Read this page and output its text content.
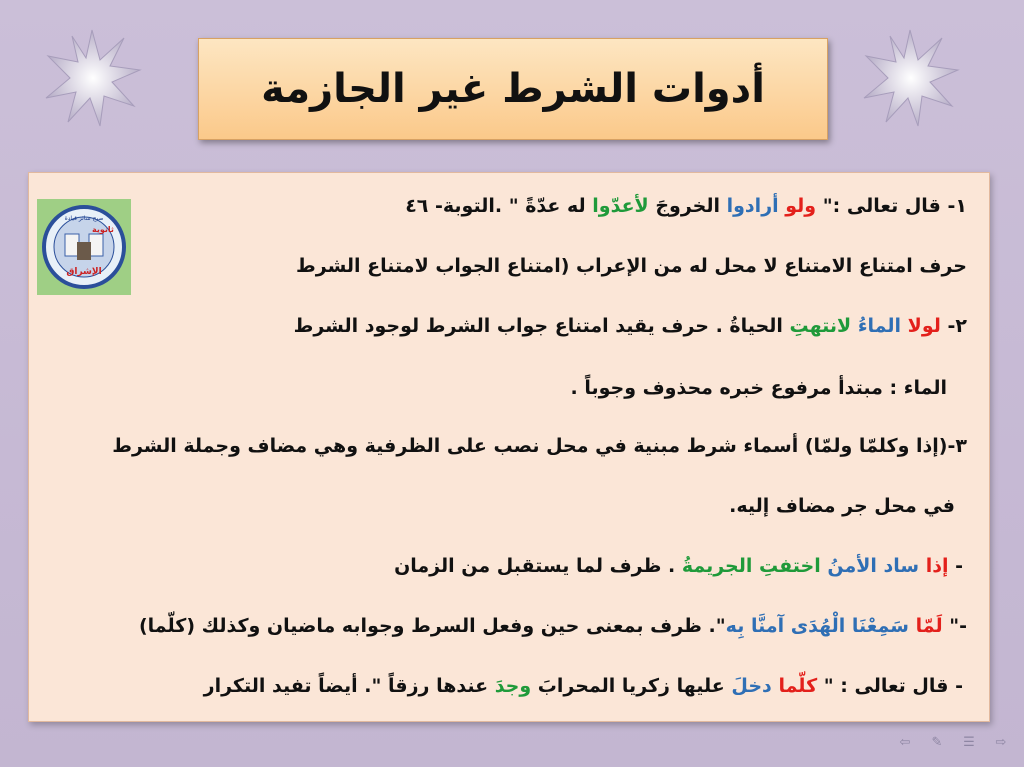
أدوات الشرط غير الجازمة
صيح سائر قيادة
ثانوية
الإشراق
١- قال تعالى :" ولو أرادوا الخروجَ لأعدّوا له عدّةً " .التوبة- ٤٦
حرف امتناع الامتناع لا محل له من الإعراب (امتناع الجواب لامتناع الشرط
٢- لولا الماءُ لانتهتِ الحياةُ . حرف يقيد امتناع جواب الشرط لوجود الشرط
الماء : مبتدأ مرفوع خبره محذوف وجوباً .
٣-(إذا وكلمّا ولمّا) أسماء شرط مبنية في محل نصب على الظرفية وهي مضاف وجملة الشرط
في محل جر مضاف إليه.
- إذا ساد الأمنُ اختفتِ الجريمةُ . ظرف لما يستقبل من الزمان
-" لَمّا سَمِعْنَا الْهُدَى آمنَّا بِه". ظرف بمعنى حين وفعل السرط وجوابه ماضيان وكذلك (كلّما)
- قال تعالى : " كلّما دخلَ عليها زكريا المحرابَ وجدَ عندها رزقاً ". أيضاً تفيد التكرار
⇦ ✎ ☰ ⇨
